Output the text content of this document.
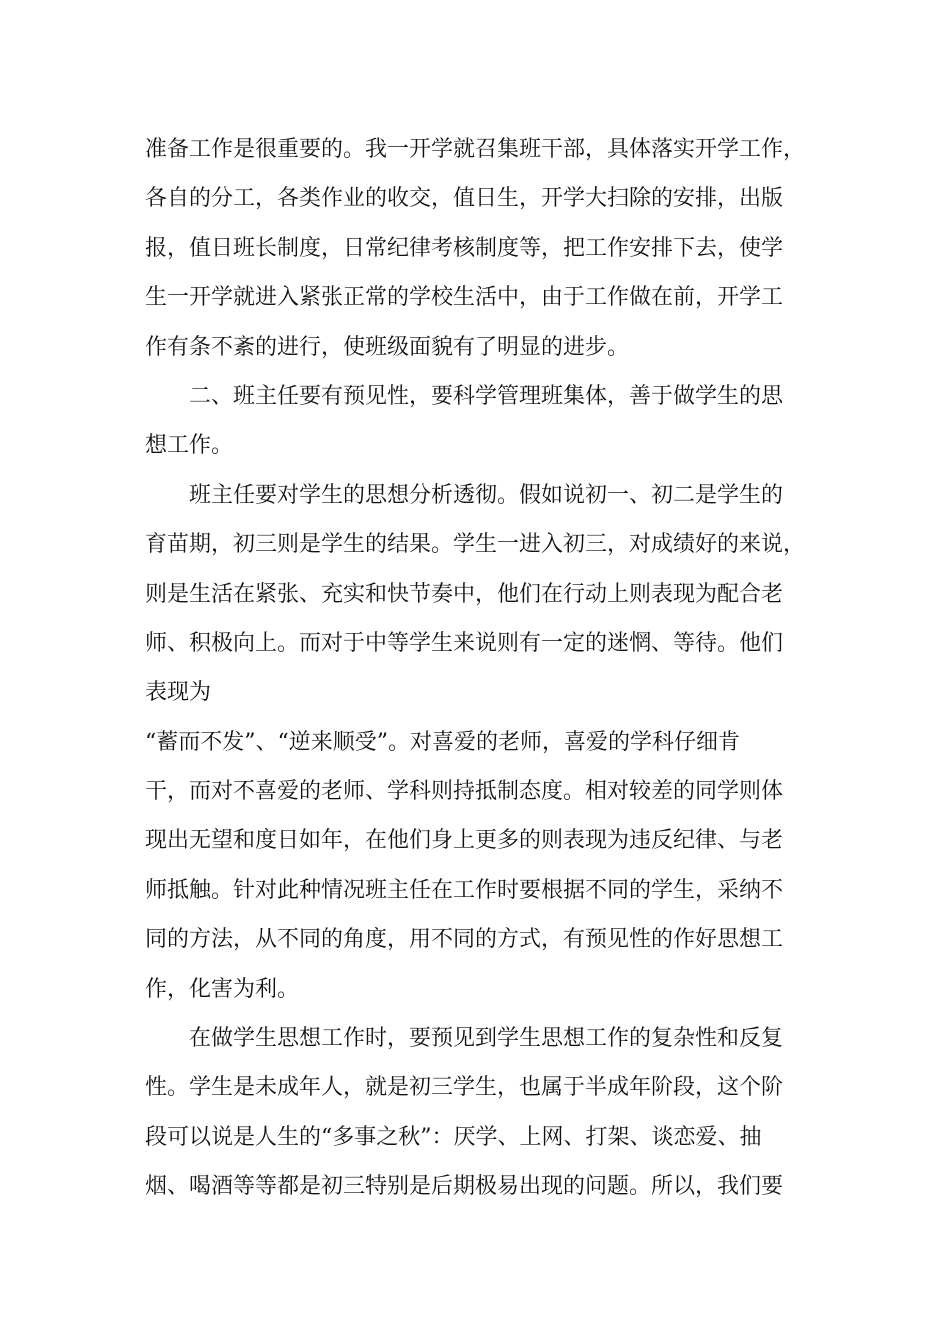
准备工作是很重要的。我一开学就召集班干部，具体落实开学工作，
各自的分工，各类作业的收交，值日生，开学大扫除的安排，出版
报，值日班长制度，日常纪律考核制度等，把工作安排下去，使学
生一开学就进入紧张正常的学校生活中，由于工作做在前，开学工
作有条不紊的进行，使班级面貌有了明显的进步。
二、班主任要有预见性，要科学管理班集体，善于做学生的思
想工作。
班主任要对学生的思想分析透彻。假如说初一、初二是学生的
育苗期，初三则是学生的结果。学生一进入初三，对成绩好的来说，
则是生活在紧张、充实和快节奏中，他们在行动上则表现为配合老
师、积极向上。而对于中等学生来说则有一定的迷惘、等待。他们
表现为
“蓄而不发”、“逆来顺受”。对喜爱的老师，喜爱的学科仔细肯
干，而对不喜爱的老师、学科则持抵制态度。相对较差的同学则体
现出无望和度日如年，在他们身上更多的则表现为违反纪律、与老
师抵触。针对此种情况班主任在工作时要根据不同的学生，采纳不
同的方法，从不同的角度，用不同的方式，有预见性的作好思想工
作，化害为利。
在做学生思想工作时，要预见到学生思想工作的复杂性和反复
性。学生是未成年人，就是初三学生，也属于半成年阶段，这个阶
段可以说是人生的“多事之秋”：厌学、上网、打架、谈恋爱、抽
烟、喝酒等等都是初三特别是后期极易出现的问题。所以，我们要
